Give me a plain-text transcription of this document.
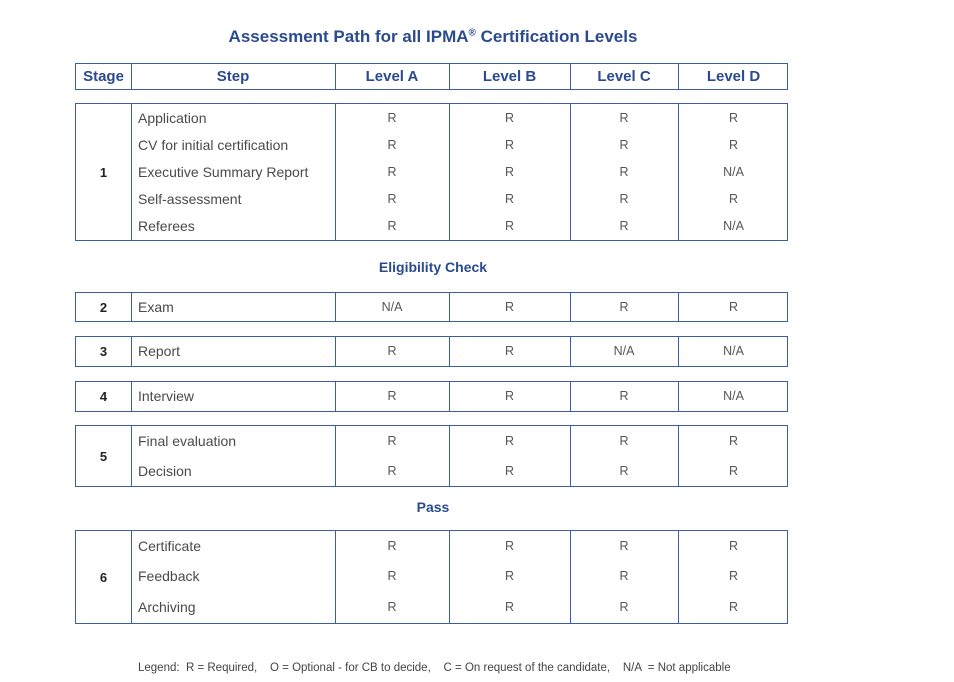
Assessment Path for all IPMA® Certification Levels
Stage	Step	Level A	Level B	Level C	Level D
1
Application	R	R	R	R
CV for initial certification	R	R	R	R
Executive Summary Report	R	R	R	N/A
Self-assessment	R	R	R	R
Referees	R	R	R	N/A
2	Exam	N/A	R	R	R
3	Report	R	R	N/A	N/A
4	Interview	R	R	R	N/A
5
Final evaluation	R	R	R	R
Decision	R	R	R	R
6
Certificate	R	R	R	R
Feedback	R	R	R	R
Archiving	R	R	R	R
Eligibility Check
Pass
Legend:  R = Required,    O = Optional - for CB to decide,    C = On request of the candidate,    N/A  = Not applicable
